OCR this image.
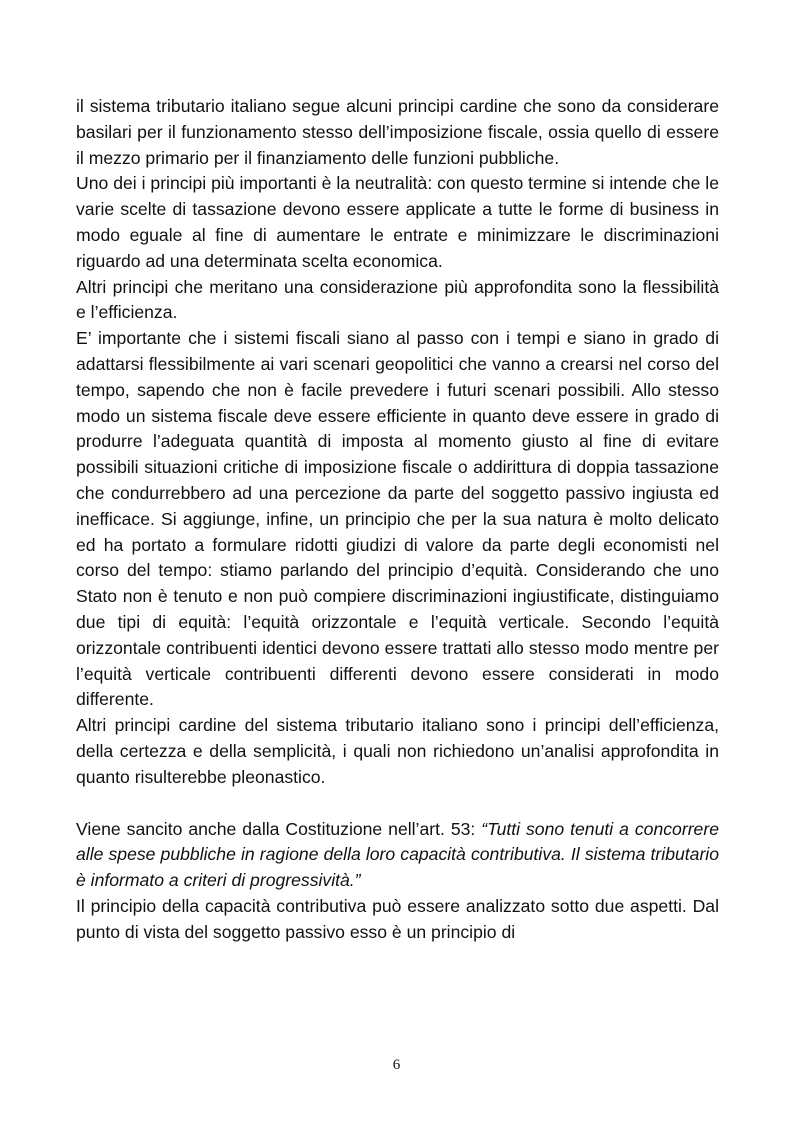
il sistema tributario italiano segue alcuni principi cardine che sono da considerare basilari per il funzionamento stesso dell’imposizione fiscale, ossia quello di essere il mezzo primario per il finanziamento delle funzioni pubbliche.

Uno dei i principi più importanti è la neutralità: con questo termine si intende che le varie scelte di tassazione devono essere applicate a tutte le forme di business in modo eguale al fine di aumentare le entrate e minimizzare le discriminazioni riguardo ad una determinata scelta economica.

Altri principi che meritano una considerazione più approfondita sono la flessibilità e l’efficienza.

E’ importante che i sistemi fiscali siano al passo con i tempi e siano in grado di adattarsi flessibilmente ai vari scenari geopolitici che vanno a crearsi nel corso del tempo, sapendo che non è facile prevedere i futuri scenari possibili. Allo stesso modo un sistema fiscale deve essere efficiente in quanto deve essere in grado di produrre l’adeguata quantità di imposta al momento giusto al fine di evitare possibili situazioni critiche di imposizione fiscale o addirittura di doppia tassazione che condurrebbero ad una percezione da parte del soggetto passivo ingiusta ed inefficace. Si aggiunge, infine, un principio che per la sua natura è molto delicato ed ha portato a formulare ridotti giudizi di valore da parte degli economisti nel corso del tempo: stiamo parlando del principio d’equità. Considerando che uno Stato non è tenuto e non può compiere discriminazioni ingiustificate, distinguiamo due tipi di equità: l’equità orizzontale e l’equità verticale. Secondo l’equità orizzontale contribuenti identici devono essere trattati allo stesso modo mentre per l’equità verticale contribuenti differenti devono essere considerati in modo differente.

Altri principi cardine del sistema tributario italiano sono i principi dell’efficienza, della certezza e della semplicità, i quali non richiedono un’analisi approfondita in quanto risulterebbe pleonastico.

Viene sancito anche dalla Costituzione nell’art. 53: “Tutti sono tenuti a concorrere alle spese pubbliche in ragione della loro capacità contributiva. Il sistema tributario è informato a criteri di progressività.”

Il principio della capacità contributiva può essere analizzato sotto due aspetti. Dal punto di vista del soggetto passivo esso è un principio di

6
